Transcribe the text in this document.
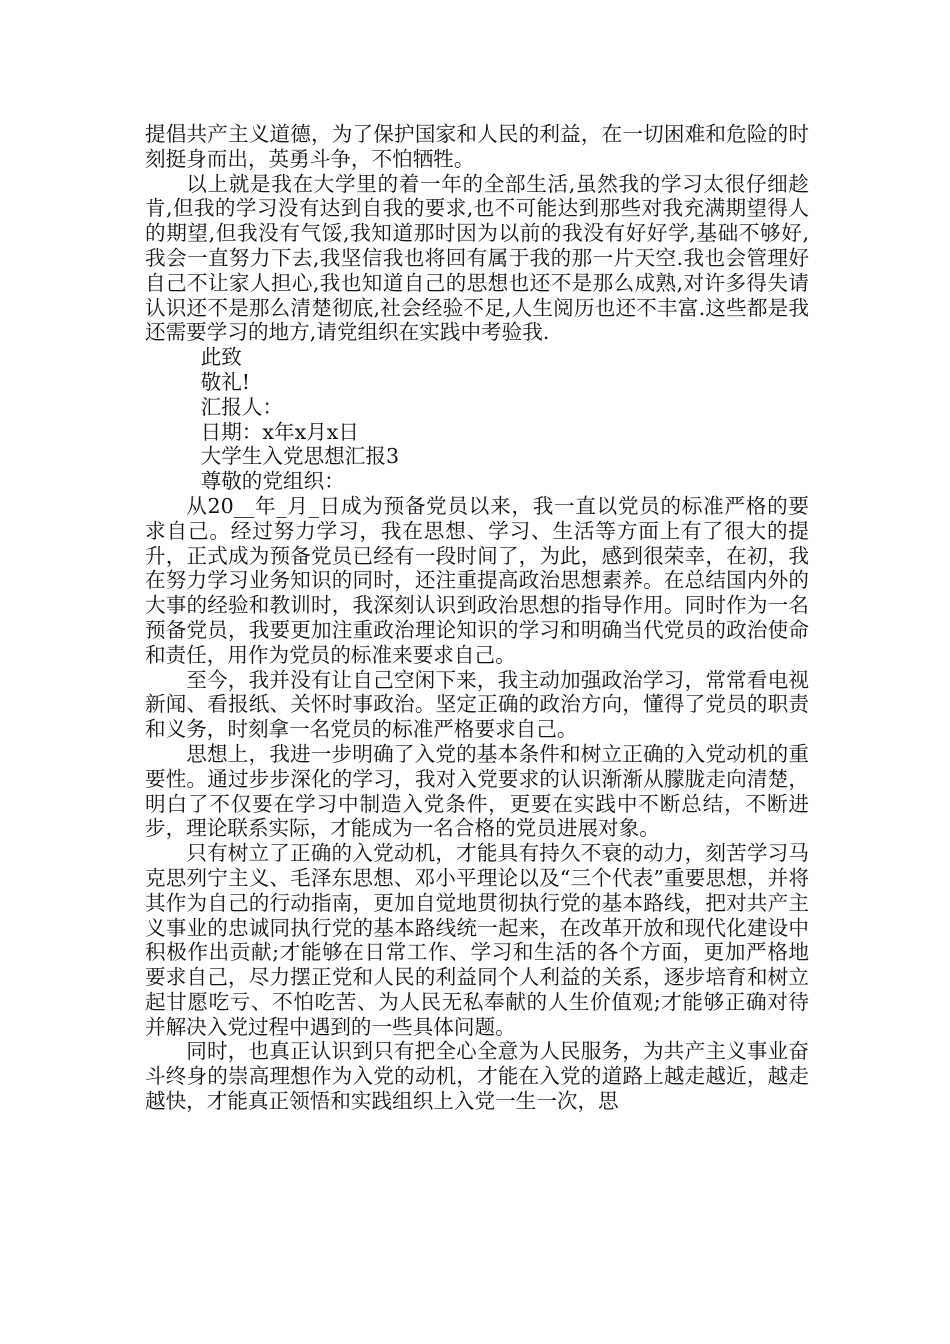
提倡共产主义道德，为了保护国家和人民的利益，在一切困难和危险的时刻挺身而出，英勇斗争，不怕牺牲。

以上就是我在大学里的着一年的全部生活,虽然我的学习太很仔细趁肯,但我的学习没有达到自我的要求,也不可能达到那些对我充满期望得人的期望,但我没有气馁,我知道那时因为以前的我没有好好学,基础不够好,我会一直努力下去,我坚信我也将回有属于我的那一片天空.我也会管理好自己不让家人担心,我也知道自己的思想也还不是那么成熟,对许多得失请认识还不是那么清楚彻底,社会经验不足,人生阅历也还不丰富.这些都是我还需要学习的地方,请党组织在实践中考验我.

此致

敬礼!

汇报人：

日期：x年x月x日

大学生入党思想汇报3

尊敬的党组织：

从20__年_月_日成为预备党员以来，我一直以党员的标准严格的要求自己。经过努力学习，我在思想、学习、生活等方面上有了很大的提升，正式成为预备党员已经有一段时间了，为此，感到很荣幸，在初，我在努力学习业务知识的同时，还注重提高政治思想素养。在总结国内外的大事的经验和教训时，我深刻认识到政治思想的指导作用。同时作为一名预备党员，我要更加注重政治理论知识的学习和明确当代党员的政治使命和责任，用作为党员的标准来要求自己。

至今，我并没有让自己空闲下来，我主动加强政治学习，常常看电视新闻、看报纸、关怀时事政治。坚定正确的政治方向，懂得了党员的职责和义务，时刻拿一名党员的标准严格要求自己。

思想上，我进一步明确了入党的基本条件和树立正确的入党动机的重要性。通过步步深化的学习，我对入党要求的认识渐渐从朦胧走向清楚，明白了不仅要在学习中制造入党条件，更要在实践中不断总结，不断进步，理论联系实际，才能成为一名合格的党员进展对象。

只有树立了正确的入党动机，才能具有持久不衰的动力，刻苦学习马克思列宁主义、毛泽东思想、邓小平理论以及“三个代表”重要思想，并将其作为自己的行动指南，更加自觉地贯彻执行党的基本路线，把对共产主义事业的忠诚同执行党的基本路线统一起来，在改革开放和现代化建设中积极作出贡献;才能够在日常工作、学习和生活的各个方面，更加严格地要求自己，尽力摆正党和人民的利益同个人利益的关系，逐步培育和树立起甘愿吃亏、不怕吃苦、为人民无私奉献的人生价值观;才能够正确对待并解决入党过程中遇到的一些具体问题。

同时，也真正认识到只有把全心全意为人民服务，为共产主义事业奋斗终身的崇高理想作为入党的动机，才能在入党的道路上越走越近，越走越快，才能真正领悟和实践组织上入党一生一次，思
